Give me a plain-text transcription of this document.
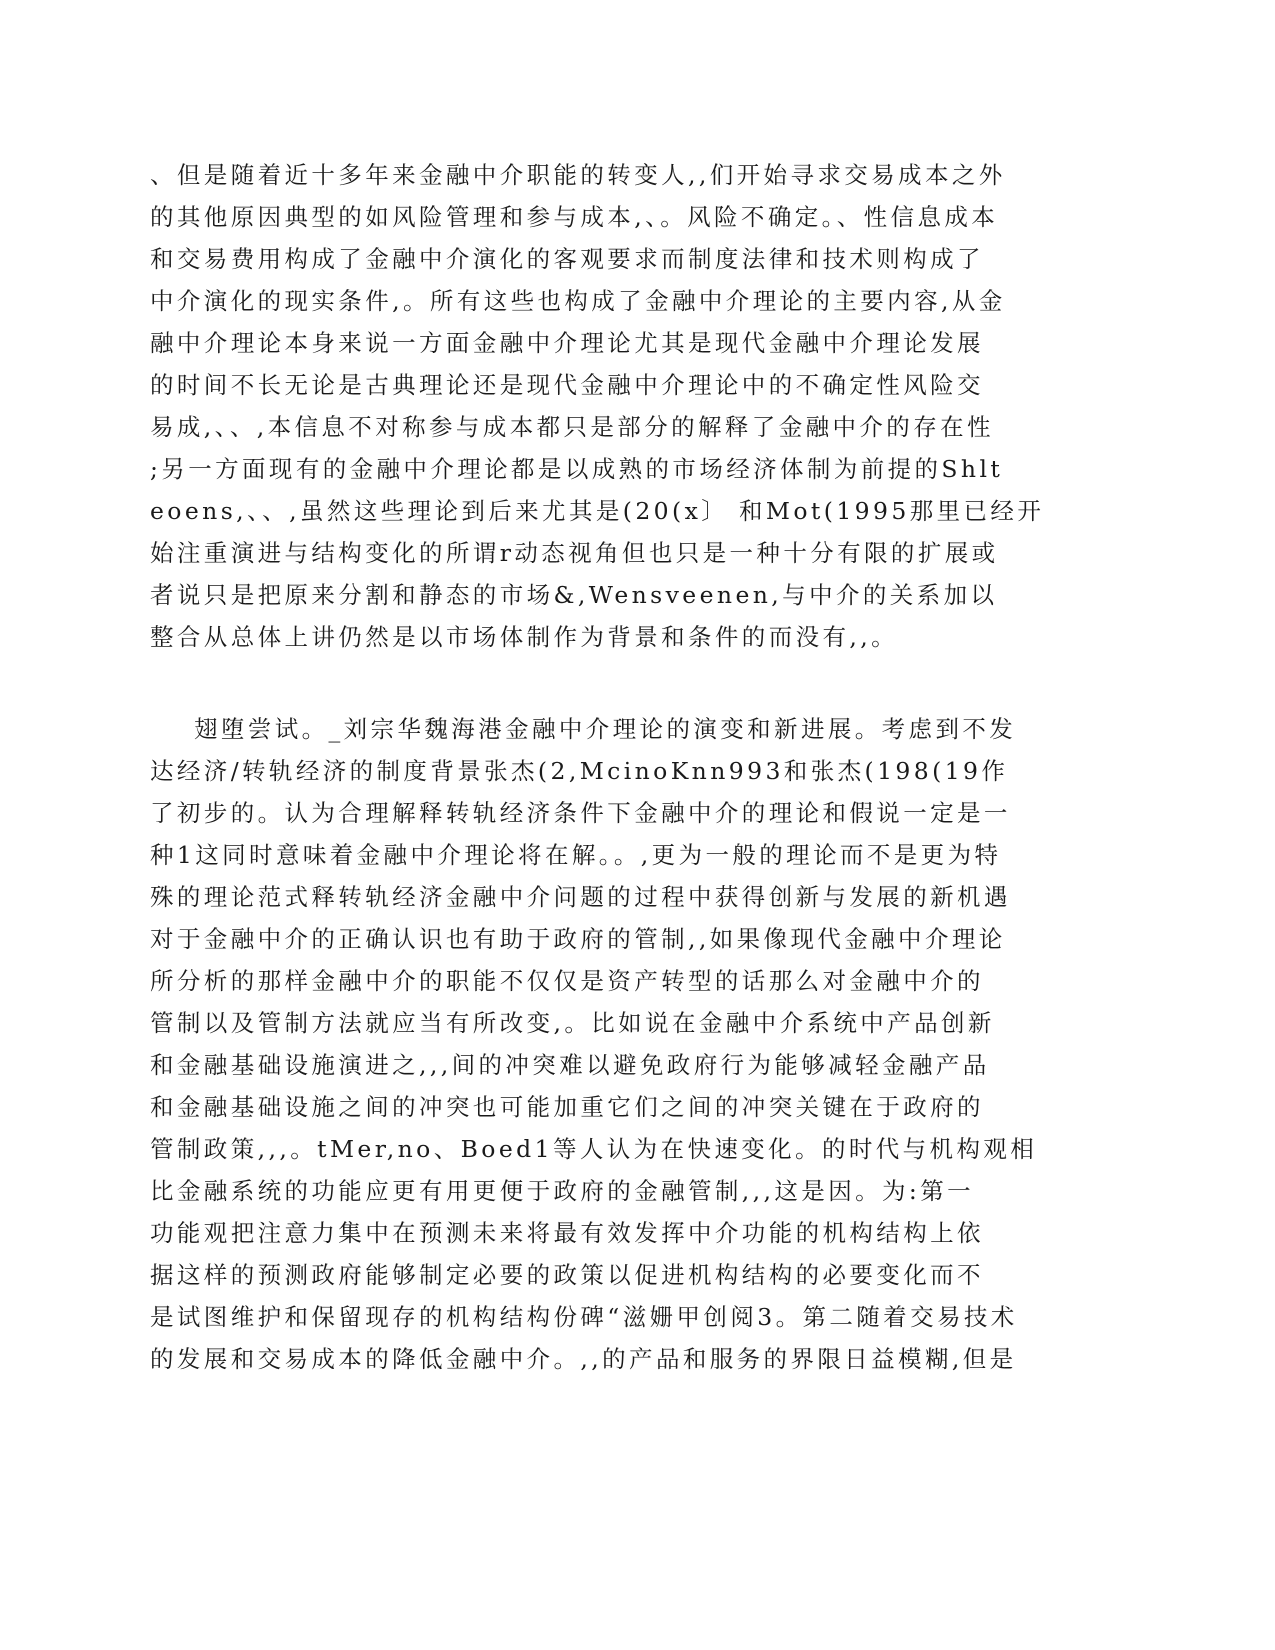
、但是随着近十多年来金融中介职能的转变人,,们开始寻求交易成本之外
的其他原因典型的如风险管理和参与成本,、。风险不确定。、性信息成本
和交易费用构成了金融中介演化的客观要求而制度法律和技术则构成了
中介演化的现实条件,。所有这些也构成了金融中介理论的主要内容,从金
融中介理论本身来说一方面金融中介理论尤其是现代金融中介理论发展
的时间不长无论是古典理论还是现代金融中介理论中的不确定性风险交
易成,、、,本信息不对称参与成本都只是部分的解释了金融中介的存在性
;另一方面现有的金融中介理论都是以成熟的市场经济体制为前提的Shlt
eoens,、、,虽然这些理论到后来尤其是(20(x〕 和Mot(1995那里已经开
始注重演进与结构变化的所谓r动态视角但也只是一种十分有限的扩展或
者说只是把原来分割和静态的市场&,Wensveenen,与中介的关系加以
整合从总体上讲仍然是以市场体制作为背景和条件的而没有,,。
翅堕尝试。_刘宗华魏海港金融中介理论的演变和新进展。考虑到不发
达经济/转轨经济的制度背景张杰(2,McinoKnn993和张杰(198(19作
了初步的。认为合理解释转轨经济条件下金融中介的理论和假说一定是一
种1这同时意味着金融中介理论将在解。。,更为一般的理论而不是更为特
殊的理论范式释转轨经济金融中介问题的过程中获得创新与发展的新机遇
对于金融中介的正确认识也有助于政府的管制,,如果像现代金融中介理论
所分析的那样金融中介的职能不仅仅是资产转型的话那么对金融中介的
管制以及管制方法就应当有所改变,。比如说在金融中介系统中产品创新
和金融基础设施演进之,,,间的冲突难以避免政府行为能够减轻金融产品
和金融基础设施之间的冲突也可能加重它们之间的冲突关键在于政府的
管制政策,,,。tMer,no、Boed1等人认为在快速变化。的时代与机构观相
比金融系统的功能应更有用更便于政府的金融管制,,,这是因。为:第一
功能观把注意力集中在预测未来将最有效发挥中介功能的机构结构上依
据这样的预测政府能够制定必要的政策以促进机构结构的必要变化而不
是试图维护和保留现存的机构结构份碑“滋姗甲创阅3。第二随着交易技术
的发展和交易成本的降低金融中介。,,的产品和服务的界限日益模糊,但是
